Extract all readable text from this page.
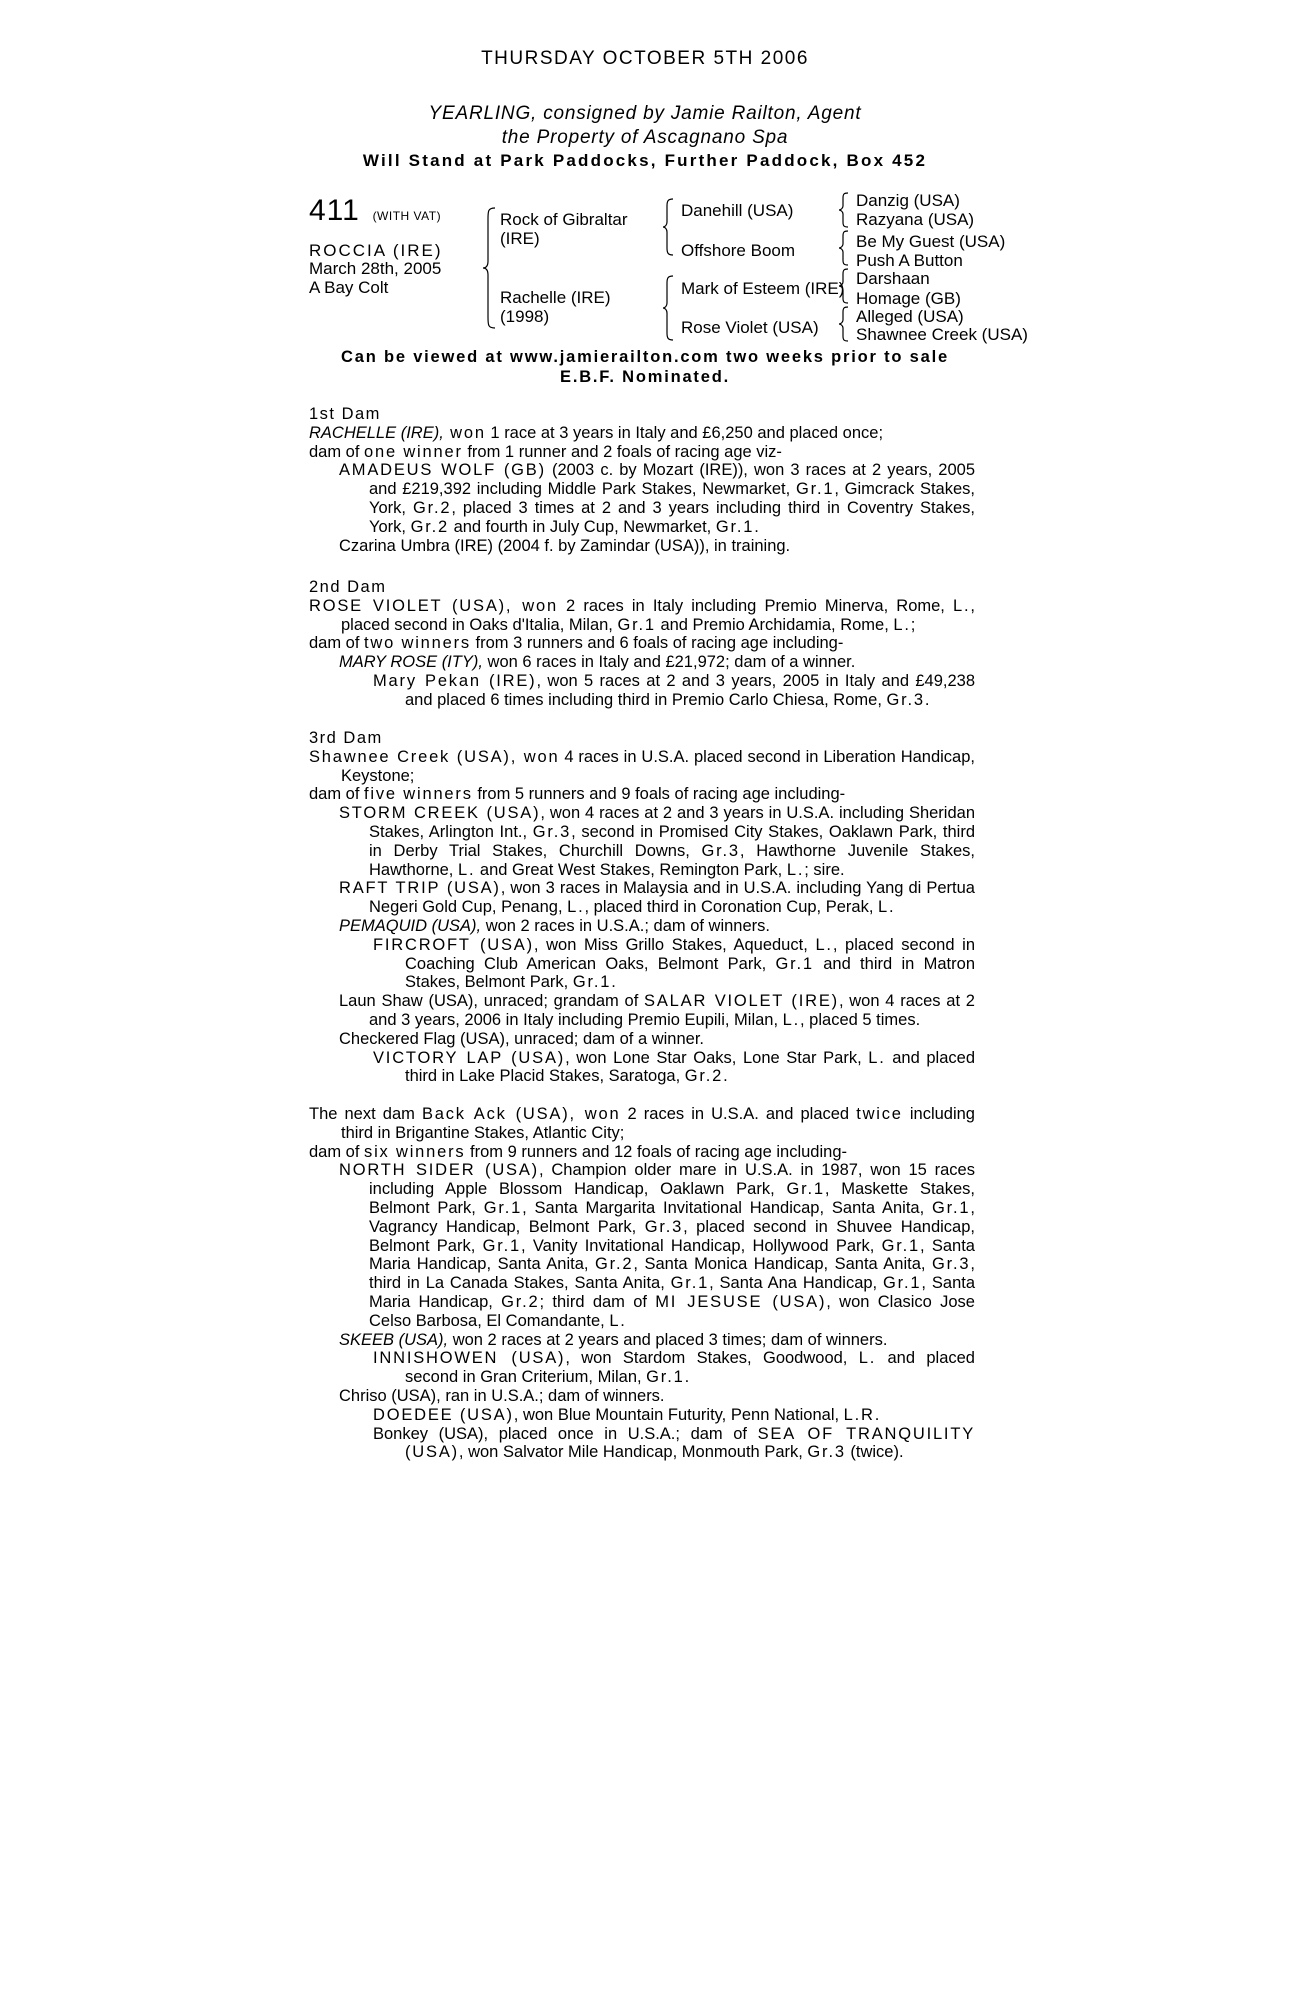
THURSDAY OCTOBER 5TH 2006
YEARLING, consigned by Jamie Railton, Agent
the Property of Ascagnano Spa
Will Stand at Park Paddocks, Further Paddock, Box 452
411 (WITH VAT)
ROCCIA (IRE)
March 28th, 2005
A Bay Colt
Rock of Gibraltar
(IRE)
Rachelle (IRE)
(1998)
Danehill (USA)
Offshore Boom
Mark of Esteem (IRE)
Rose Violet (USA)
Danzig (USA)
Razyana (USA)
Be My Guest (USA)
Push A Button
Darshaan
Homage (GB)
Alleged (USA)
Shawnee Creek (USA)
Can be viewed at www.jamierailton.com two weeks prior to sale
E.B.F. Nominated.

1st Dam

RACHELLE (IRE), won 1 race at 3 years in Italy and £6,250 and placed once;

dam of one winner from 1 runner and 2 foals of racing age viz-

AMADEUS WOLF (GB) (2003 c. by Mozart (IRE)), won 3 races at 2 years, 2005 and £219,392 including Middle Park Stakes, Newmarket, Gr.1, Gimcrack Stakes, York, Gr.2, placed 3 times at 2 and 3 years including third in Coventry Stakes, York, Gr.2 and fourth in July Cup, Newmarket, Gr.1.

Czarina Umbra (IRE) (2004 f. by Zamindar (USA)), in training.

2nd Dam

ROSE VIOLET (USA), won 2 races in Italy including Premio Minerva, Rome, L., placed second in Oaks d'Italia, Milan, Gr.1 and Premio Archidamia, Rome, L.;

dam of two winners from 3 runners and 6 foals of racing age including-

MARY ROSE (ITY), won 6 races in Italy and £21,972; dam of a winner.

Mary Pekan (IRE), won 5 races at 2 and 3 years, 2005 in Italy and £49,238 and placed 6 times including third in Premio Carlo Chiesa, Rome, Gr.3.

3rd Dam

Shawnee Creek (USA), won 4 races in U.S.A. placed second in Liberation Handicap, Keystone;

dam of five winners from 5 runners and 9 foals of racing age including-

STORM CREEK (USA), won 4 races at 2 and 3 years in U.S.A. including Sheridan Stakes, Arlington Int., Gr.3, second in Promised City Stakes, Oaklawn Park, third in Derby Trial Stakes, Churchill Downs, Gr.3, Hawthorne Juvenile Stakes, Hawthorne, L. and Great West Stakes, Remington Park, L.; sire.

RAFT TRIP (USA), won 3 races in Malaysia and in U.S.A. including Yang di Pertua Negeri Gold Cup, Penang, L., placed third in Coronation Cup, Perak, L.

PEMAQUID (USA), won 2 races in U.S.A.; dam of winners.

FIRCROFT (USA), won Miss Grillo Stakes, Aqueduct, L., placed second in Coaching Club American Oaks, Belmont Park, Gr.1 and third in Matron Stakes, Belmont Park, Gr.1.

Laun Shaw (USA), unraced; grandam of SALAR VIOLET (IRE), won 4 races at 2 and 3 years, 2006 in Italy including Premio Eupili, Milan, L., placed 5 times.

Checkered Flag (USA), unraced; dam of a winner.

VICTORY LAP (USA), won Lone Star Oaks, Lone Star Park, L. and placed third in Lake Placid Stakes, Saratoga, Gr.2.

The next dam Back Ack (USA), won 2 races in U.S.A. and placed twice including third in Brigantine Stakes, Atlantic City;

dam of six winners from 9 runners and 12 foals of racing age including-

NORTH SIDER (USA), Champion older mare in U.S.A. in 1987, won 15 races including Apple Blossom Handicap, Oaklawn Park, Gr.1, Maskette Stakes, Belmont Park, Gr.1, Santa Margarita Invitational Handicap, Santa Anita, Gr.1, Vagrancy Handicap, Belmont Park, Gr.3, placed second in Shuvee Handicap, Belmont Park, Gr.1, Vanity Invitational Handicap, Hollywood Park, Gr.1, Santa Maria Handicap, Santa Anita, Gr.2, Santa Monica Handicap, Santa Anita, Gr.3, third in La Canada Stakes, Santa Anita, Gr.1, Santa Ana Handicap, Gr.1, Santa Maria Handicap, Gr.2; third dam of MI JESUSE (USA), won Clasico Jose Celso Barbosa, El Comandante, L.

SKEEB (USA), won 2 races at 2 years and placed 3 times; dam of winners.

INNISHOWEN (USA), won Stardom Stakes, Goodwood, L. and placed second in Gran Criterium, Milan, Gr.1.

Chriso (USA), ran in U.S.A.; dam of winners.

DOEDEE (USA), won Blue Mountain Futurity, Penn National, L.R.

Bonkey (USA), placed once in U.S.A.; dam of SEA OF TRANQUILITY (USA), won Salvator Mile Handicap, Monmouth Park, Gr.3 (twice).
